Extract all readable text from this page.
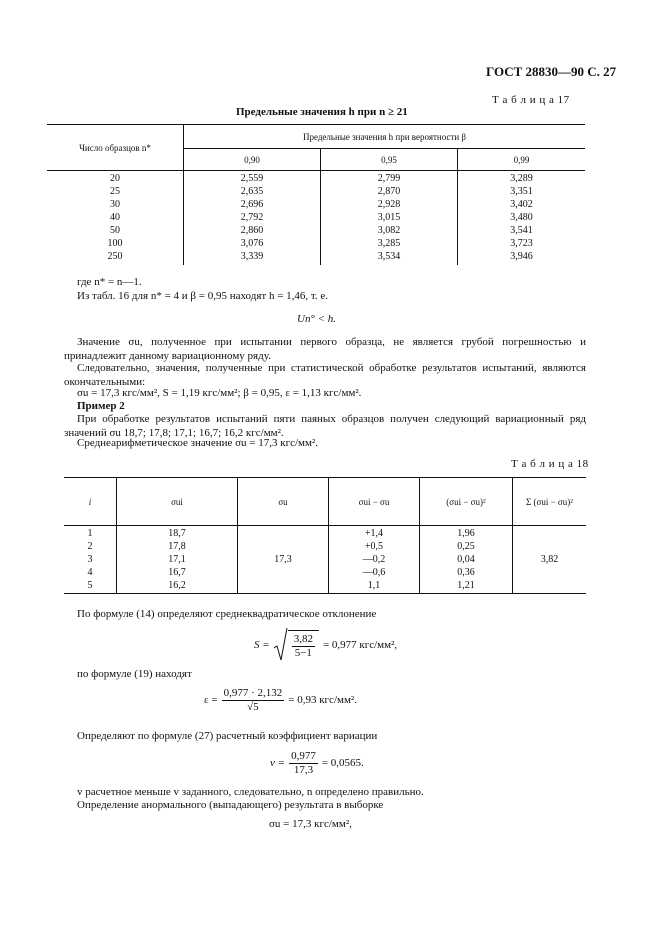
ГОСТ 28830—90 С. 27
Т а б л и ц а 17
Предельные значения h при n ≥ 21
Число образцов n*	Предельные значения h при вероятности β		
	0,90	0,95	0,99
20	2,559	2,799	3,289
25	2,635	2,870	3,351
30	2,696	2,928	3,402
40	2,792	3,015	3,480
50	2,860	3,082	3,541
100	3,076	3,285	3,723
250	3,339	3,534	3,946
где n* = n—1.
Из табл. 16 для n* = 4 и β = 0,95 находят h = 1,46, т. е.
Un° < h.

Значение σu, полученное при испытании первого образца, не является грубой погрешностью и принадлежит данному вариационному ряду.

Следовательно, значения, полученные при статистической обработке результатов испытаний, являются окончательными:

σu = 17,3 кгс/мм², S = 1,19 кгс/мм²; β = 0,95, ε = 1,13 кгс/мм².
Пример 2

При обработке результатов испытаний пяти паяных образцов получен следующий вариационный ряд значений σu 18,7; 17,8; 17,1; 16,7; 16,2 кгс/мм².

Среднеарифметическое значение σu = 17,3 кгс/мм².
Т а б л и ц а 18
i	σui	σu	σui − σu	(σui − σu)²	Σ (σui − σu)²
1	18,7	17,3	+1,4	1,96	3,82
2	17,8		+0,5	0,25	
3	17,1		—0,2	0,04	
4	16,7		—0,6	0,36	
5	16,2		1,1	1,21	
По формуле (14) определяют среднеквадратическое отклонение
$S = \frac{3,82}{5-1} = 0,977$ кгс/мм²,
по формуле (19) находят
$\varepsilon = \frac{0,977 \cdot 2,132}{√5} = 0,93$ кгс/мм².
Определяют по формуле (27) расчетный коэффициент вариации
$v = \frac{0,977}{17,3} = 0,0565$.
v расчетное меньше v заданного, следовательно, n определено правильно.
Определение анормального (выпадающего) результата в выборке
σu = 17,3 кгс/мм²,
